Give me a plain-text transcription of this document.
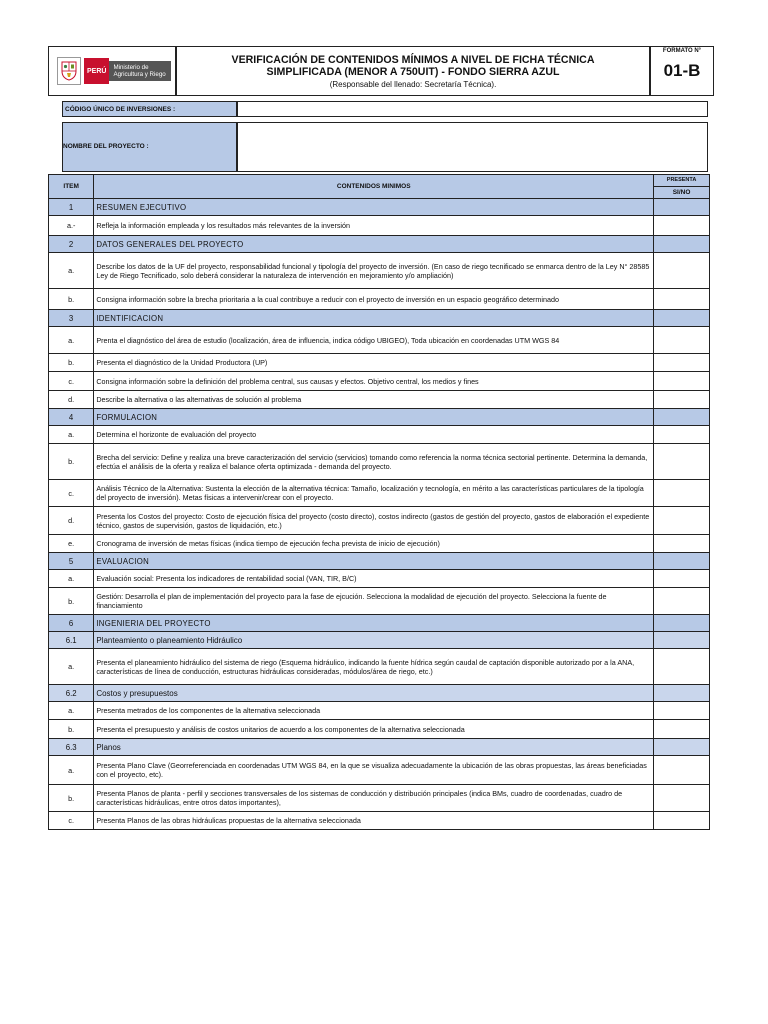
PERÚ	Ministerio de Agricultura y Riego
VERIFICACIÓN DE CONTENIDOS MÍNIMOS A NIVEL DE FICHA TÉCNICA
SIMPLIFICADA (MENOR A 750UIT) - FONDO SIERRA AZUL
(Responsable del llenado: Secretaría Técnica).
FORMATO N°
01-B
CÓDIGO ÚNICO DE INVERSIONES :
NOMBRE DEL PROYECTO :
ITEM	CONTENIDOS MINIMOS	PRESENTA
		SI/NO
1	RESUMEN EJECUTIVO	
a.-	Refleja la información empleada y los resultados más relevantes de la inversión	
2	DATOS GENERALES DEL PROYECTO	
a.	Describe los datos de la UF del proyecto, responsabilidad funcional y tipología del proyecto de inversión. (En caso de riego tecnificado se enmarca dentro de la Ley N° 28585 Ley de Riego Tecnificado, solo deberá considerar la naturaleza de intervención en mejoramiento y/o ampliación)	
b.	Consigna información sobre la brecha prioritaria a la cual contribuye a reducir con el proyecto de inversión en un espacio geográfico determinado	
3	IDENTIFICACION	
a.	Prenta el diagnóstico del área de estudio (localización, área de influencia, indica código UBIGEO), Toda ubicación en coordenadas UTM WGS 84	
b.	Presenta el diagnóstico de la Unidad Productora (UP)	
c.	Consigna información sobre la definición del problema central, sus causas y efectos. Objetivo central, los medios y fines	
d.	Describe la alternativa o las alternativas de solución al problema	
4	FORMULACION	
a.	Determina el horizonte de evaluación del proyecto	
b.	Brecha del servicio: Define y realiza una breve caracterización del servicio (servicios) tomando como referencia la norma técnica sectorial pertinente. Determina la demanda, efectúa el análisis de la oferta y realiza el balance oferta optimizada - demanda del proyecto.	
c.	Análisis Técnico de la Alternativa: Sustenta la elección de la alternativa técnica: Tamaño, localización y tecnología, en mérito a las características particulares de la tipología del proyecto de inversión). Metas físicas a intervenir/crear con el proyecto.	
d.	Presenta los Costos del proyecto: Costo de ejecución física del proyecto (costo directo), costos indirecto (gastos de gestión del proyecto, gastos de elaboración el expediente técnico, gastos de supervisión, gastos de liquidación, etc.)	
e.	Cronograma de inversión de metas físicas (indica tiempo de ejecución fecha prevista de inicio de ejecución)	
5	EVALUACION	
a.	Evaluación social: Presenta los indicadores de rentabilidad social (VAN, TIR, B/C)	
b.	Gestión: Desarrolla el plan de implementación del proyecto para la fase de ejcución. Selecciona la modalidad de ejecución del proyecto. Selecciona la fuente de financiamiento	
6	INGENIERIA DEL PROYECTO	
6.1	Planteamiento o planeamiento Hidráulico	
a.	Presenta el planeamiento hidráulico del sistema de riego (Esquema hidráulico, indicando la fuente hídrica según caudal de captación disponible autorizado por a la ANA, características de línea de conducción, estructuras hidráulicas consideradas, módulos/área de riego, etc.)	
6.2	Costos y presupuestos	
a.	Presenta metrados de los componentes de la alternativa seleccionada	
b.	Presenta el presupuesto y análisis de costos unitarios de acuerdo a los componentes de la alternativa seleccionada	
6.3	Planos	
a.	Presenta Plano Clave (Georreferenciada en coordenadas UTM WGS 84, en la que se visualiza adecuadamente la ubicación de las obras propuestas, las áreas beneficiadas con el proyecto, etc).	
b.	Presenta Planos de planta - perfil y secciones transversales de los sistemas de conducción y distribución principales (indica BMs, cuadro de coordenadas, cuadro de características hidráulicas, entre otros datos importantes),	
c.	Presenta Planos de las obras hidráulicas propuestas de la alternativa seleccionada	
